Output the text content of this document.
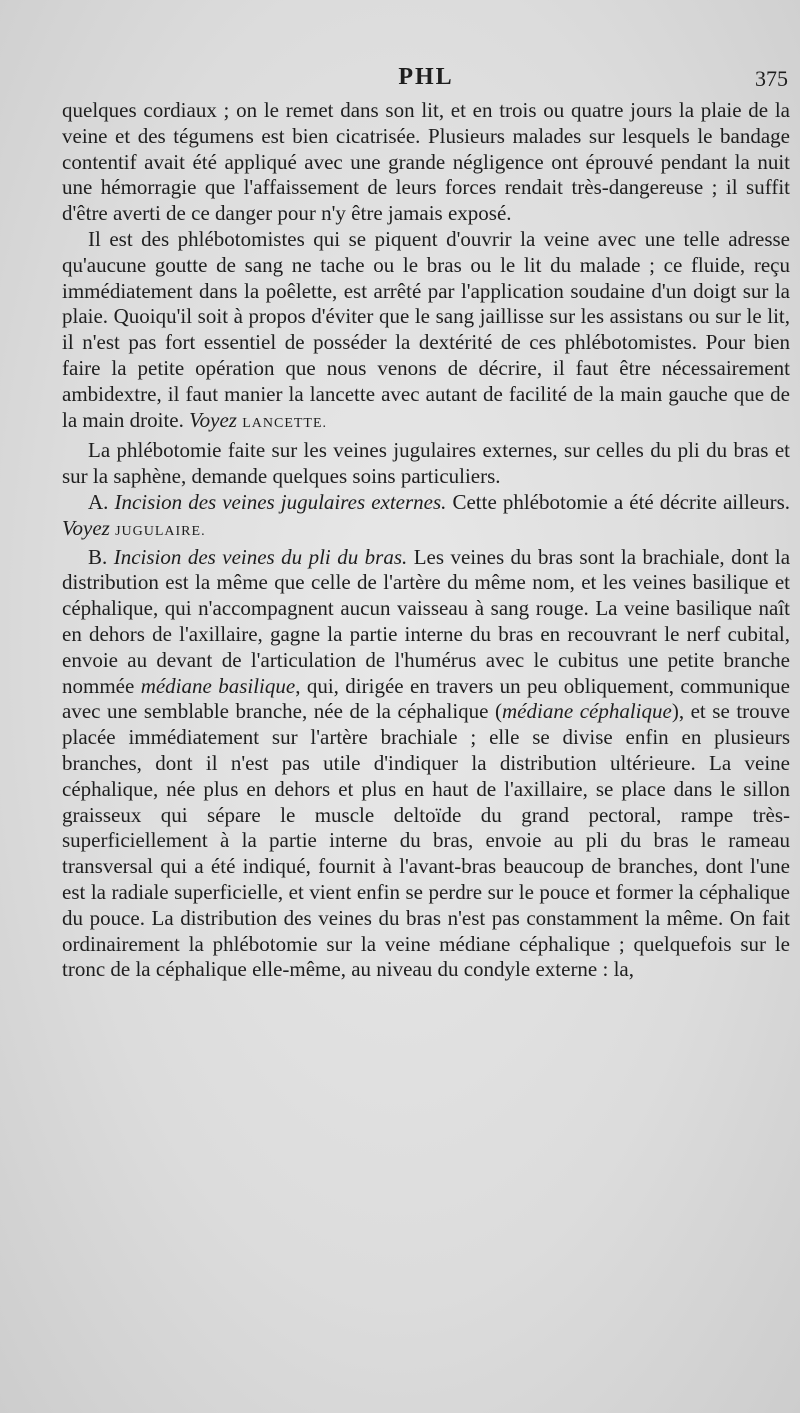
PHL	375

quelques cordiaux ; on le remet dans son lit, et en trois ou quatre jours la plaie de la veine et des tégumens est bien cicatrisée. Plusieurs malades sur lesquels le bandage contentif avait été appliqué avec une grande négligence ont éprouvé pendant la nuit une hémorragie que l'affaissement de leurs forces rendait très-dangereuse ; il suffit d'être averti de ce danger pour n'y être jamais exposé.

Il est des phlébotomistes qui se piquent d'ouvrir la veine avec une telle adresse qu'aucune goutte de sang ne tache ou le bras ou le lit du malade ; ce fluide, reçu immédiatement dans la poêlette, est arrêté par l'application soudaine d'un doigt sur la plaie. Quoiqu'il soit à propos d'éviter que le sang jaillisse sur les assistans ou sur le lit, il n'est pas fort essentiel de posséder la dextérité de ces phlébotomistes. Pour bien faire la petite opération que nous venons de décrire, il faut être nécessairement ambidextre, il faut manier la lancette avec autant de facilité de la main gauche que de la main droite. Voyez LANCETTE.

La phlébotomie faite sur les veines jugulaires externes, sur celles du pli du bras et sur la saphène, demande quelques soins particuliers.

A. Incision des veines jugulaires externes. Cette phlébotomie a été décrite ailleurs. Voyez JUGULAIRE.

B. Incision des veines du pli du bras. Les veines du bras sont la brachiale, dont la distribution est la même que celle de l'artère du même nom, et les veines basilique et céphalique, qui n'accompagnent aucun vaisseau à sang rouge. La veine basilique naît en dehors de l'axillaire, gagne la partie interne du bras en recouvrant le nerf cubital, envoie au devant de l'articulation de l'humérus avec le cubitus une petite branche nommée médiane basilique, qui, dirigée en travers un peu obliquement, communique avec une semblable branche, née de la céphalique (médiane céphalique), et se trouve placée immédiatement sur l'artère brachiale ; elle se divise enfin en plusieurs branches, dont il n'est pas utile d'indiquer la distribution ultérieure. La veine céphalique, née plus en dehors et plus en haut de l'axillaire, se place dans le sillon graisseux qui sépare le muscle deltoïde du grand pectoral, rampe très-superficiellement à la partie interne du bras, envoie au pli du bras le rameau transversal qui a été indiqué, fournit à l'avant-bras beaucoup de branches, dont l'une est la radiale superficielle, et vient enfin se perdre sur le pouce et former la céphalique du pouce. La distribution des veines du bras n'est pas constamment la même. On fait ordinairement la phlébotomie sur la veine médiane céphalique ; quelquefois sur le tronc de la céphalique elle-même, au niveau du condyle externe : la,
